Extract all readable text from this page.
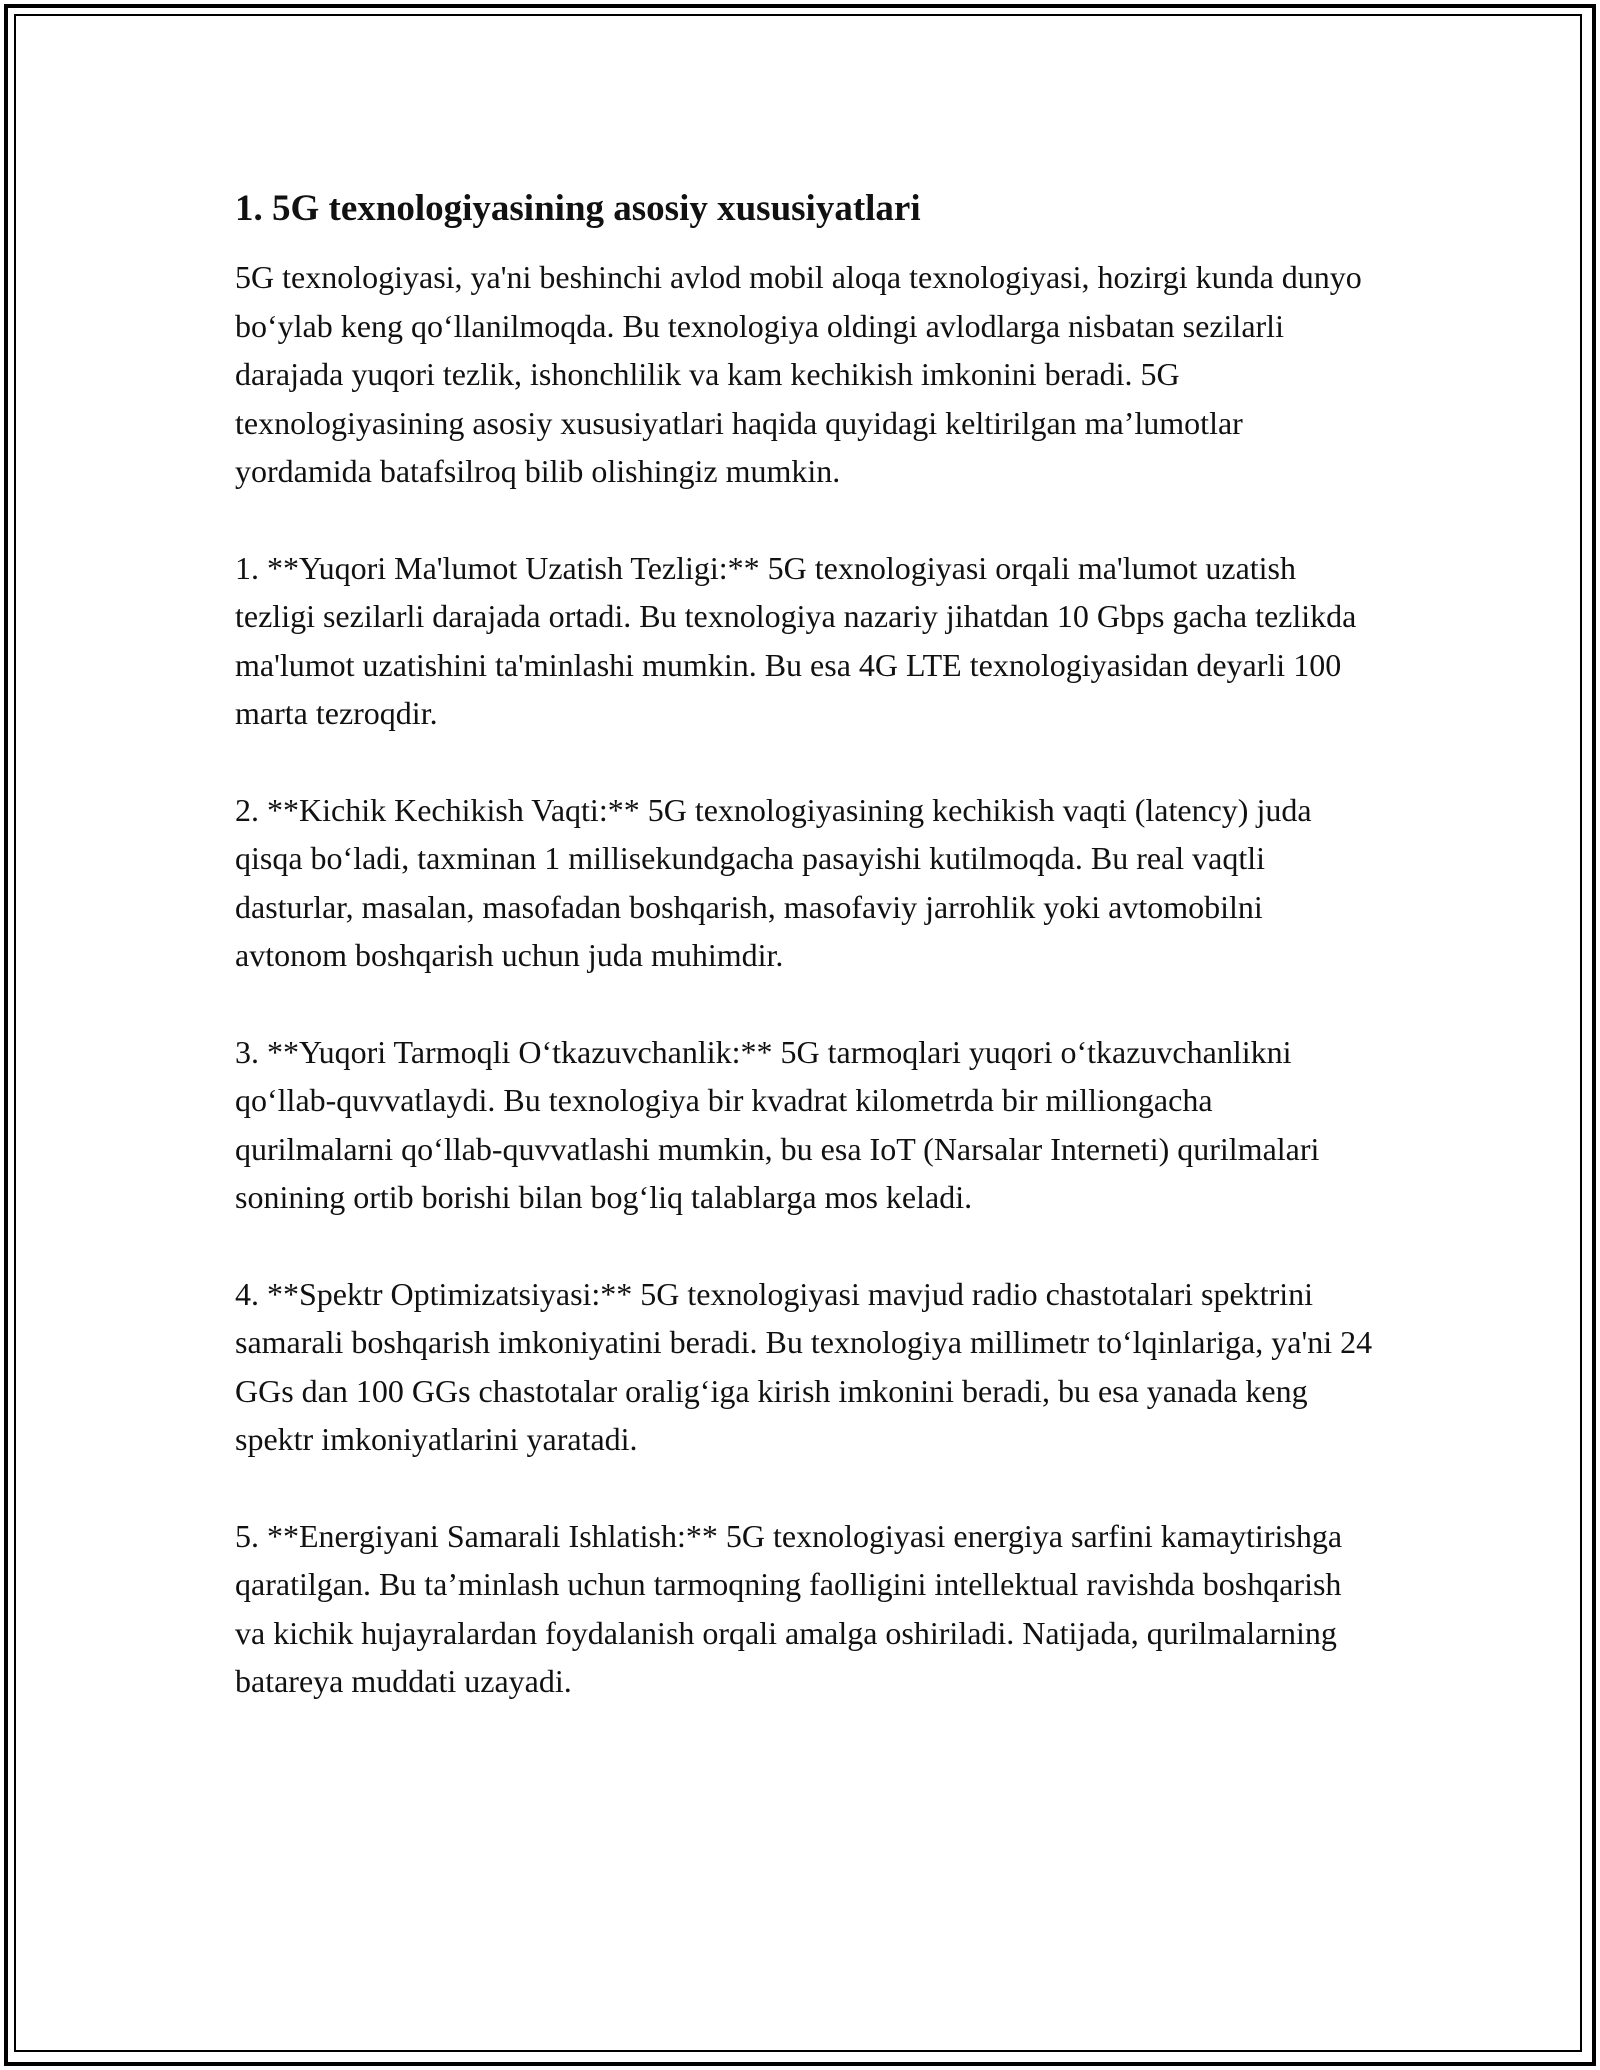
1. 5G texnologiyasining asosiy xususiyatlari

5G texnologiyasi, ya'ni beshinchi avlod mobil aloqa texnologiyasi, hozirgi kunda dunyo bo‘ylab keng qo‘llanilmoqda. Bu texnologiya oldingi avlodlarga nisbatan sezilarli darajada yuqori tezlik, ishonchlilik va kam kechikish imkonini beradi. 5G texnologiyasining asosiy xususiyatlari haqida quyidagi keltirilgan ma’lumotlar yordamida batafsilroq bilib olishingiz mumkin.

1. **Yuqori Ma'lumot Uzatish Tezligi:** 5G texnologiyasi orqali ma'lumot uzatish tezligi sezilarli darajada ortadi. Bu texnologiya nazariy jihatdan 10 Gbps gacha tezlikda ma'lumot uzatishini ta'minlashi mumkin. Bu esa 4G LTE texnologiyasidan deyarli 100 marta tezroqdir.

2. **Kichik Kechikish Vaqti:** 5G texnologiyasining kechikish vaqti (latency) juda qisqa bo‘ladi, taxminan 1 millisekundgacha pasayishi kutilmoqda. Bu real vaqtli dasturlar, masalan, masofadan boshqarish, masofaviy jarrohlik yoki avtomobilni avtonom boshqarish uchun juda muhimdir.

3. **Yuqori Tarmoqli O‘tkazuvchanlik:** 5G tarmoqlari yuqori o‘tkazuvchanlikni qo‘llab-quvvatlaydi. Bu texnologiya bir kvadrat kilometrda bir milliongacha qurilmalarni qo‘llab-quvvatlashi mumkin, bu esa IoT (Narsalar Interneti) qurilmalari sonining ortib borishi bilan bog‘liq talablarga mos keladi.

4. **Spektr Optimizatsiyasi:** 5G texnologiyasi mavjud radio chastotalari spektrini samarali boshqarish imkoniyatini beradi. Bu texnologiya millimetr to‘lqinlariga, ya'ni 24 GGs dan 100 GGs chastotalar oralig‘iga kirish imkonini beradi, bu esa yanada keng spektr imkoniyatlarini yaratadi.

5. **Energiyani Samarali Ishlatish:** 5G texnologiyasi energiya sarfini kamaytirishga qaratilgan. Bu ta’minlash uchun tarmoqning faolligini intellektual ravishda boshqarish va kichik hujayralardan foydalanish orqali amalga oshiriladi. Natijada, qurilmalarning batareya muddati uzayadi.
